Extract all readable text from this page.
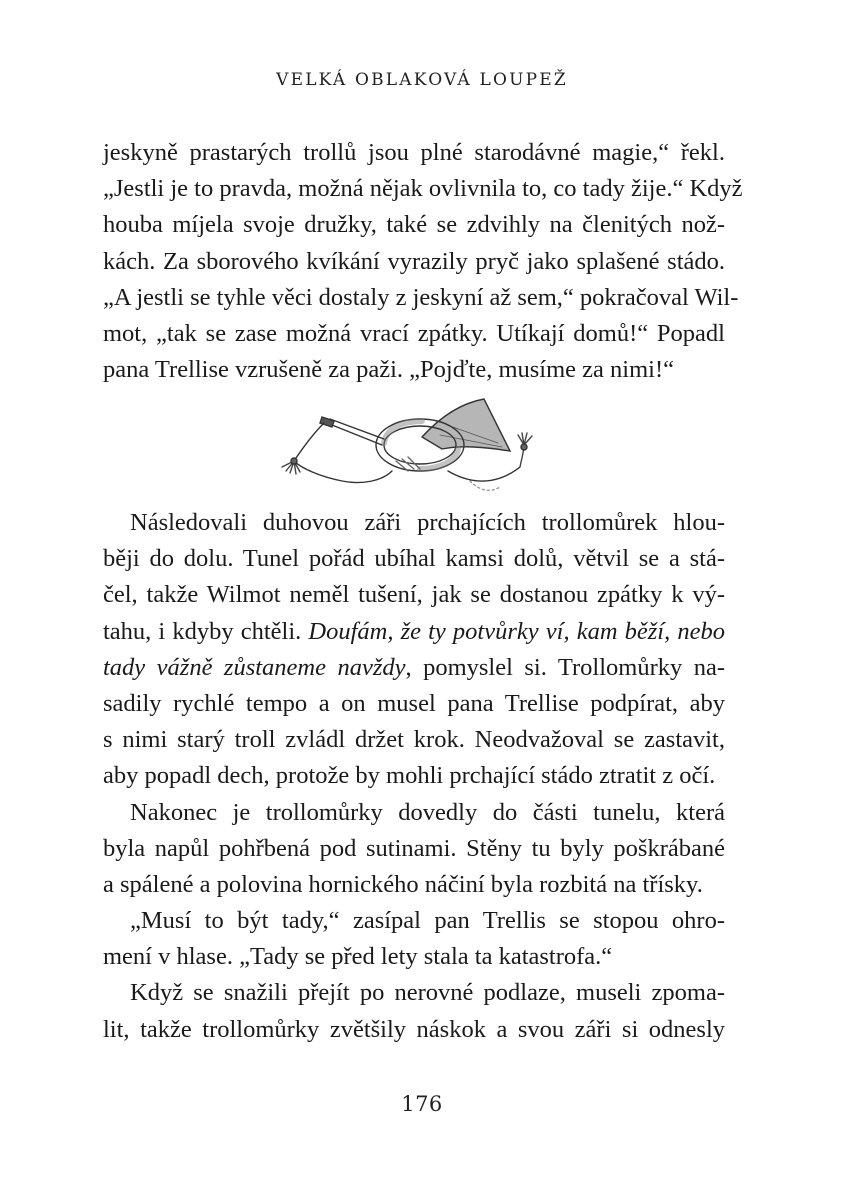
VELKÁ OBLAKOVÁ LOUPEŽ
jeskyně prastarých trollů jsou plné starodávné magie,“ řekl.
„Jestli je to pravda, možná nějak ovlivnila to, co tady žije.“ Když
houba míjela svoje družky, také se zdvihly na členitých nož-
kách. Za sborového kvíkání vyrazily pryč jako splašené stádo.
„A jestli se tyhle věci dostaly z jeskyní až sem,“ pokračoval Wil-
mot, „tak se zase možná vrací zpátky. Utíkají domů!“ Popadl
pana Trellise vzrušeně za paži. „Pojďte, musíme za nimi!“
Následovali duhovou záři prchajících trollomůrek hlou-
běji do dolu. Tunel pořád ubíhal kamsi dolů, větvil se a stá-
čel, takže Wilmot neměl tušení, jak se dostanou zpátky k vý-
tahu, i kdyby chtěli. Doufám, že ty potvůrky ví, kam běží, nebo
tady vážně zůstaneme navždy, pomyslel si. Trollomůrky na-
sadily rychlé tempo a on musel pana Trellise podpírat, aby
s nimi starý troll zvládl držet krok. Neodvažoval se zastavit,
aby popadl dech, protože by mohli prchající stádo ztratit z očí.
Nakonec je trollomůrky dovedly do části tunelu, která
byla napůl pohřbená pod sutinami. Stěny tu byly poškrábané
a spálené a polovina hornického náčiní byla rozbitá na třísky.
„Musí to být tady,“ zasípal pan Trellis se stopou ohro-
mení v hlase. „Tady se před lety stala ta katastrofa.“
Když se snažili přejít po nerovné podlaze, museli zpoma-
lit, takže trollomůrky zvětšily náskok a svou záři si odnesly
176
